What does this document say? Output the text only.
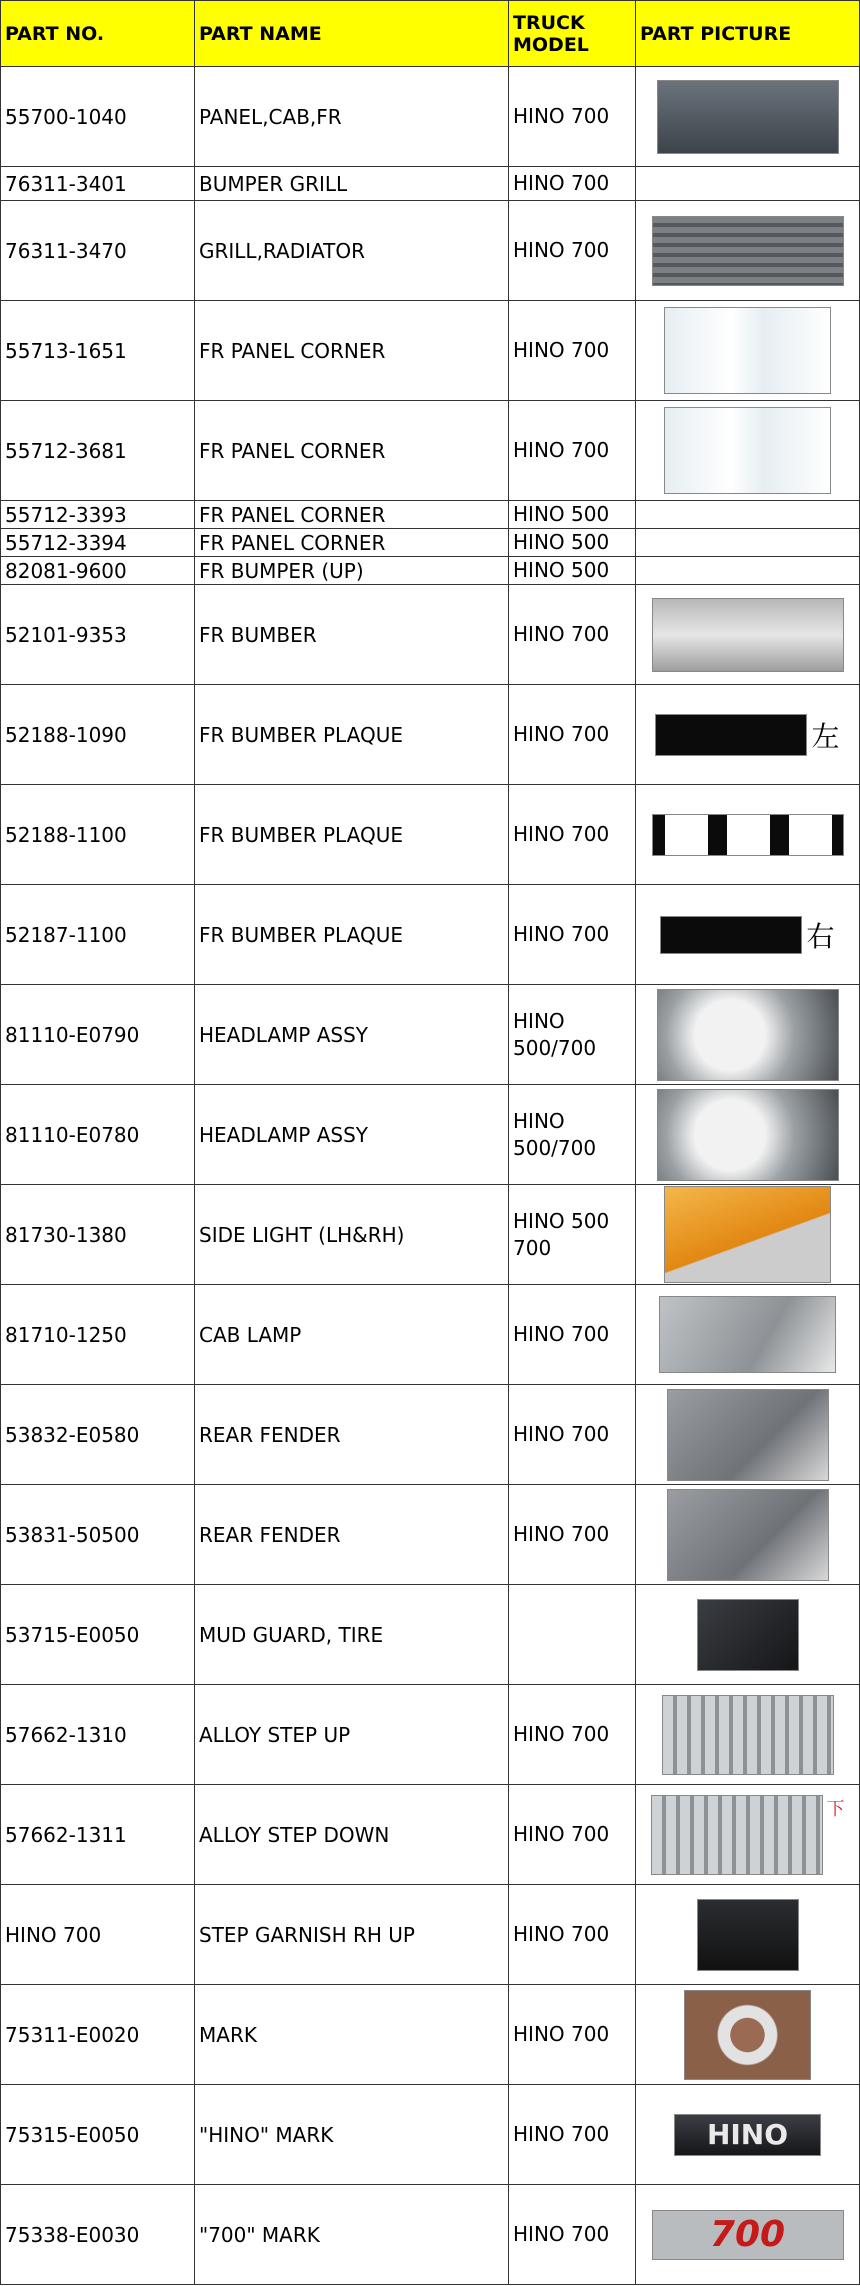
PART NO.	PART NAME	TRUCK MODEL	PART PICTURE
55700-1040	PANEL,CAB,FR	HINO 700	

76311-3401	BUMPER GRILL	HINO 700	
76311-3470	GRILL,RADIATOR	HINO 700	

55713-1651	FR PANEL CORNER	HINO 700	

55712-3681	FR PANEL CORNER	HINO 700	

55712-3393	FR PANEL CORNER	HINO 500	
55712-3394	FR PANEL CORNER	HINO 500	
82081-9600	FR BUMPER (UP)	HINO 500	
52101-9353	FR BUMBER	HINO 700	

52188-1090	FR BUMBER PLAQUE	HINO 700	左

52188-1100	FR BUMBER PLAQUE	HINO 700	

52187-1100	FR BUMBER PLAQUE	HINO 700	右

81110-E0790	HEADLAMP ASSY	HINO 500/700	

81110-E0780	HEADLAMP ASSY	HINO 500/700	

81730-1380	SIDE LIGHT (LH&RH)	HINO 500 700	

81710-1250	CAB LAMP	HINO 700	

53832-E0580	REAR FENDER	HINO 700	

53831-50500	REAR FENDER	HINO 700	

53715-E0050	MUD GUARD, TIRE		

57662-1310	ALLOY STEP UP	HINO 700	

57662-1311	ALLOY STEP DOWN	HINO 700	下

HINO 700	STEP GARNISH RH UP	HINO 700	

75311-E0020	MARK	HINO 700	

75315-E0050	"HINO" MARK	HINO 700	HINO

75338-E0030	"700" MARK	HINO 700	700
